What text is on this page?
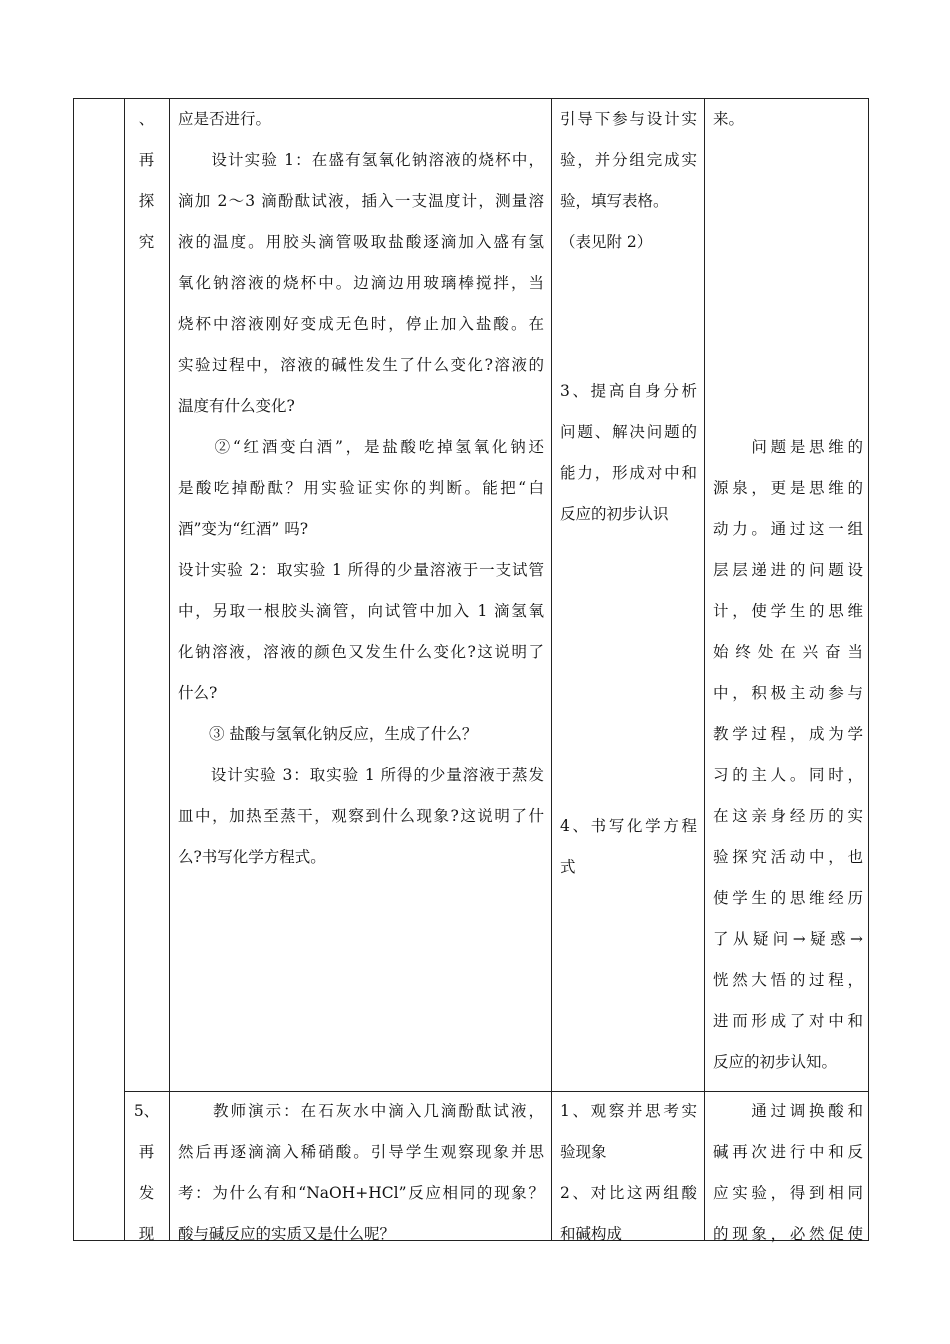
、

再

探

究

应是否进行。

　　设计实验 1：在盛有氢氧化钠溶液的烧杯中，

滴加 2～3 滴酚酞试液，插入一支温度计，测量溶

液的温度。用胶头滴管吸取盐酸逐滴加入盛有氢

氧化钠溶液的烧杯中。边滴边用玻璃棒搅拌，当

烧杯中溶液刚好变成无色时，停止加入盐酸。在

实验过程中，溶液的碱性发生了什么变化?溶液的

温度有什么变化?

　　②“红酒变白酒”，是盐酸吃掉氢氧化钠还

是酸吃掉酚酞？用实验证实你的判断。能把“白

酒”变为“红酒” 吗?

设计实验 2：取实验 1 所得的少量溶液于一支试管

中，另取一根胶头滴管，向试管中加入 1 滴氢氧

化钠溶液，溶液的颜色又发生什么变化?这说明了

什么?

　　③ 盐酸与氢氧化钠反应，生成了什么？

　　设计实验 3：取实验 1 所得的少量溶液于蒸发

皿中，加热至蒸干，观察到什么现象?这说明了什

么?书写化学方程式。

引导下参与设计实

验，并分组完成实

验，填写表格。

（表见附 2）

3、提高自身分析

问题、解决问题的

能力，形成对中和

反应的初步认识

4、书写化学方程

式

来。

　　问题是思维的

源泉，更是思维的

动力。通过这一组

层层递进的问题设

计，使学生的思维

始终处在兴奋当

中，积极主动参与

教学过程，成为学

习的主人。同时，

在这亲身经历的实

验探究活动中，也

使学生的思维经历

了从疑问→疑惑→

恍然大悟的过程，

进而形成了对中和

反应的初步认知。

5、

再

发

现

　　教师演示：在石灰水中滴入几滴酚酞试液，

然后再逐滴滴入稀硝酸。引导学生观察现象并思

考：为什么有和“NaOH+HCl”反应相同的现象？

酸与碱反应的实质又是什么呢？

1、观察并思考实

验现象

2、对比这两组酸

和碱构成

　　通过调换酸和

碱再次进行中和反

应实验，得到相同

的现象，必然促使
